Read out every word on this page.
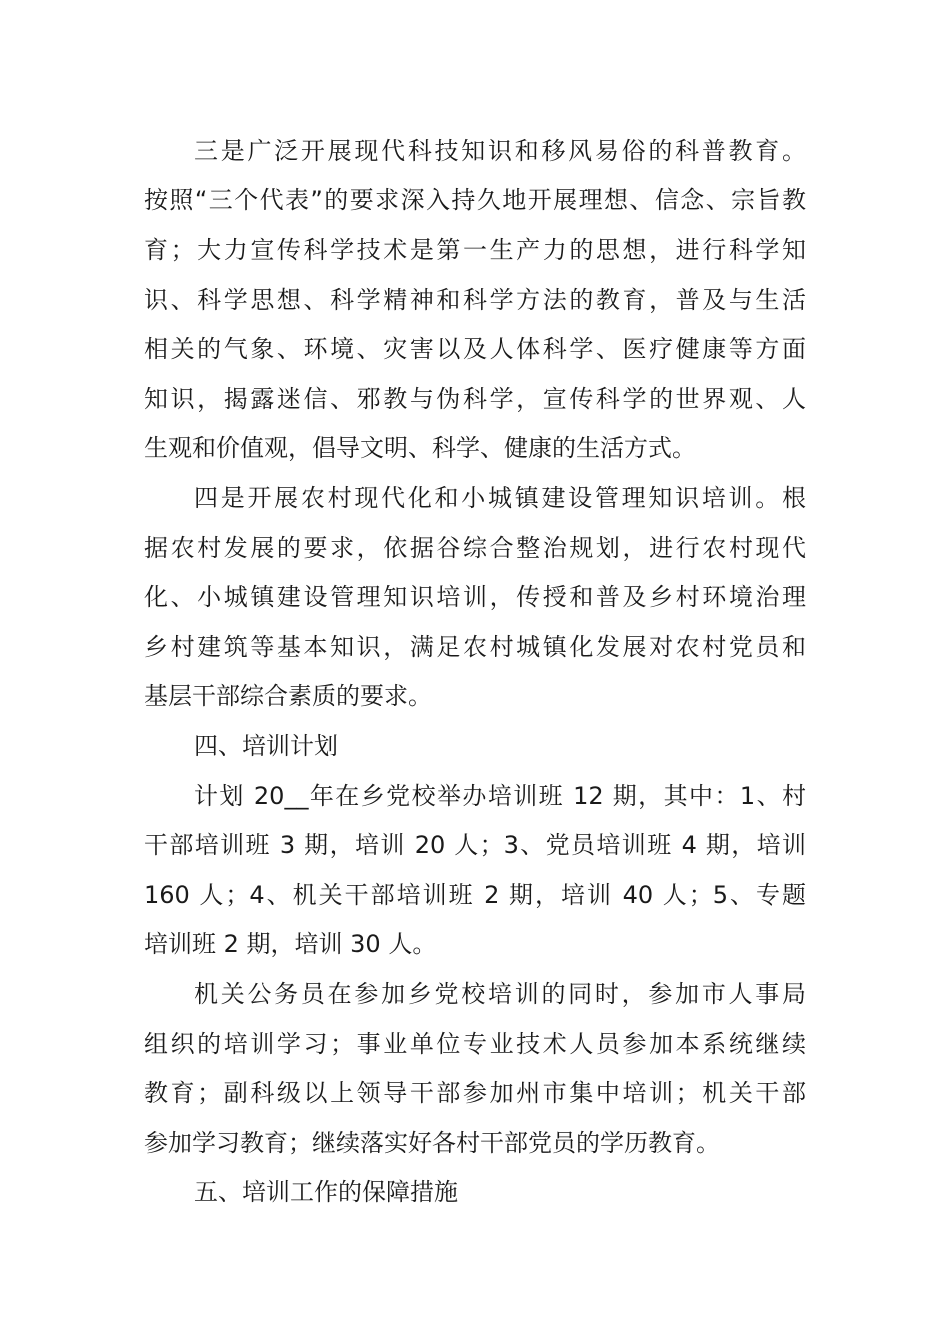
三是广泛开展现代科技知识和移风易俗的科普教育。
按照“三个代表”的要求深入持久地开展理想、信念、宗旨教
育；大力宣传科学技术是第一生产力的思想，进行科学知
识、科学思想、科学精神和科学方法的教育，普及与生活
相关的气象、环境、灾害以及人体科学、医疗健康等方面
知识，揭露迷信、邪教与伪科学，宣传科学的世界观、人
生观和价值观，倡导文明、科学、健康的生活方式。
四是开展农村现代化和小城镇建设管理知识培训。根
据农村发展的要求，依据谷综合整治规划，进行农村现代
化、小城镇建设管理知识培训，传授和普及乡村环境治理
乡村建筑等基本知识，满足农村城镇化发展对农村党员和
基层干部综合素质的要求。
四、培训计划
计划 20__年在乡党校举办培训班 12 期，其中：1、村
干部培训班 3 期，培训 20 人；3、党员培训班 4 期，培训
160 人；4、机关干部培训班 2 期，培训 40 人；5、专题
培训班 2 期，培训 30 人。
机关公务员在参加乡党校培训的同时，参加市人事局
组织的培训学习；事业单位专业技术人员参加本系统继续
教育；副科级以上领导干部参加州市集中培训；机关干部
参加学习教育；继续落实好各村干部党员的学历教育。
五、培训工作的保障措施
